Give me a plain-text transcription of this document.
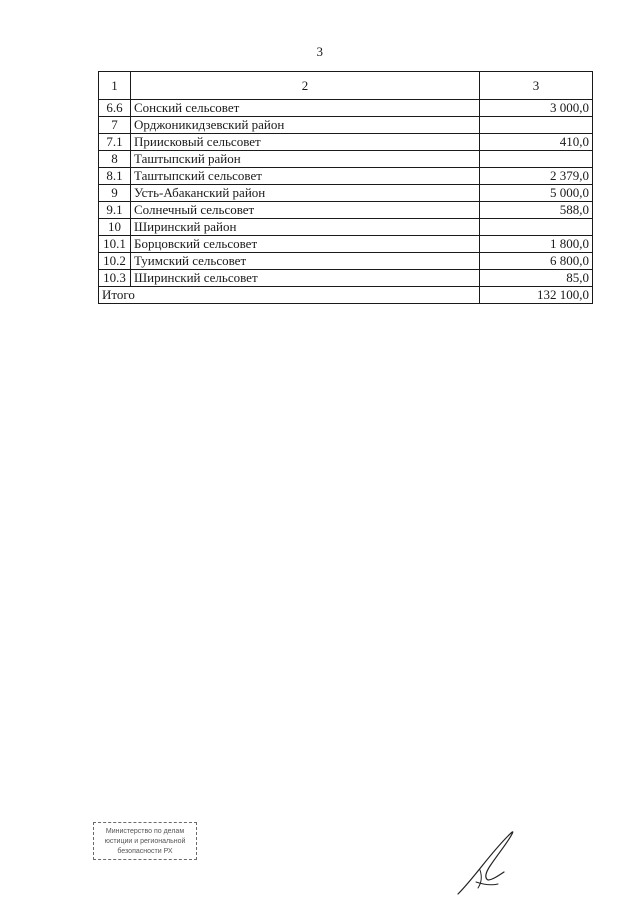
3
1	2	3
6.6	Сонский сельсовет	3 000,0
7	Орджоникидзевский район	
7.1	Приисковый сельсовет	410,0
8	Таштыпский район	
8.1	Таштыпский сельсовет	2 379,0
9	Усть-Абаканский район	5 000,0
9.1	Солнечный сельсовет	588,0
10	Ширинский район	
10.1	Борцовский сельсовет	1 800,0
10.2	Туимский сельсовет	6 800,0
10.3	Ширинский сельсовет	85,0
Итого		132 100,0
Министерство по делам
юстиции и региональной
безопасности РХ
